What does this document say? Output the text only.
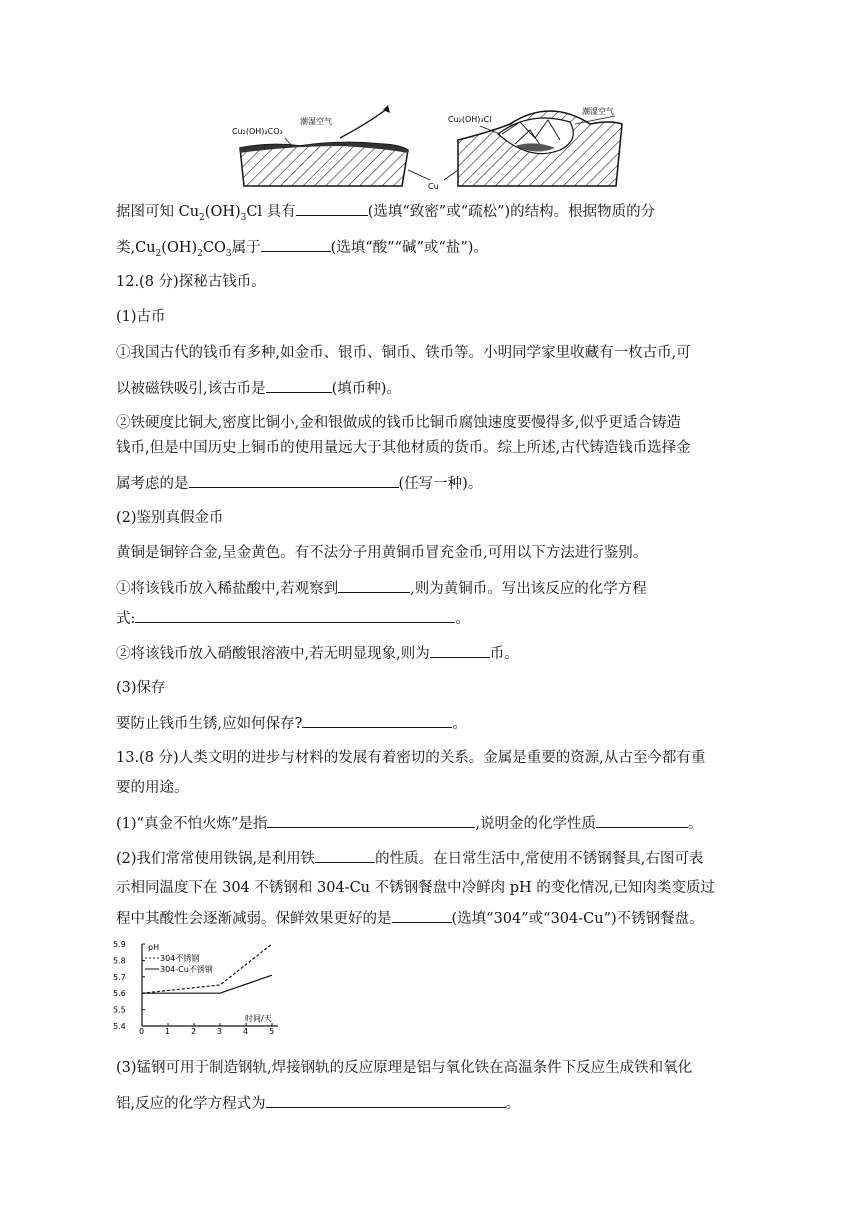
Cu₂(OH)₂CO₃
潮湿空气	Cu₂(OH)₃Cl
潮湿空气
Cu
据图可知 $Cu_2(OH)_3Cl$ 具有	(选填“致密”或“疏松”)的结构。根据物质的分
类$,Cu_2(OH)_2CO_3$属于	(选填“酸”“碱”或“盐”)。
12.(8 分)探秘古钱币。
(1)古币
①我国古代的钱币有多种,如金币、银币、铜币、铁币等。小明同学家里收藏有一枚古币,可
以被磁铁吸引,该古币是	(填币种)。
②铁硬度比铜大,密度比铜小,金和银做成的钱币比铜币腐蚀速度要慢得多,似乎更适合铸造
钱币,但是中国历史上铜币的使用量远大于其他材质的货币。综上所述,古代铸造钱币选择金
属考虑的是	(任写一种)。
(2)鉴别真假金币
黄铜是铜锌合金,呈金黄色。有不法分子用黄铜币冒充金币,可用以下方法进行鉴别。
①将该钱币放入稀盐酸中,若观察到	,则为黄铜币。写出该反应的化学方程
式:	。
②将该钱币放入硝酸银溶液中,若无明显现象,则为	币。
(3)保存
要防止钱币生锈,应如何保存?	。
13.(8 分)人类文明的进步与材料的发展有着密切的关系。金属是重要的资源,从古至今都有重
要的用途。
(1)“真金不怕火炼”是指	,说明金的化学性质	。
(2)我们常常使用铁锅,是利用铁	的性质。在日常生活中,常使用不锈钢餐具,右图可表
示相同温度下在 304 不锈钢和 304-Cu 不锈钢餐盘中冷鲜肉 pH 的变化情况,已知肉类变质过
程中其酸性会逐渐减弱。保鲜效果更好的是	(选填“304”或“304-Cu”)不锈钢餐盘。
0	1	2	3	4	5
5.4
5.5
5.6
5.7
5.8
5.9	pH
时间/天
304不锈钢
304-Cu不锈钢
(3)锰钢可用于制造钢轨,焊接钢轨的反应原理是铝与氧化铁在高温条件下反应生成铁和氧化
铝,反应的化学方程式为	。
